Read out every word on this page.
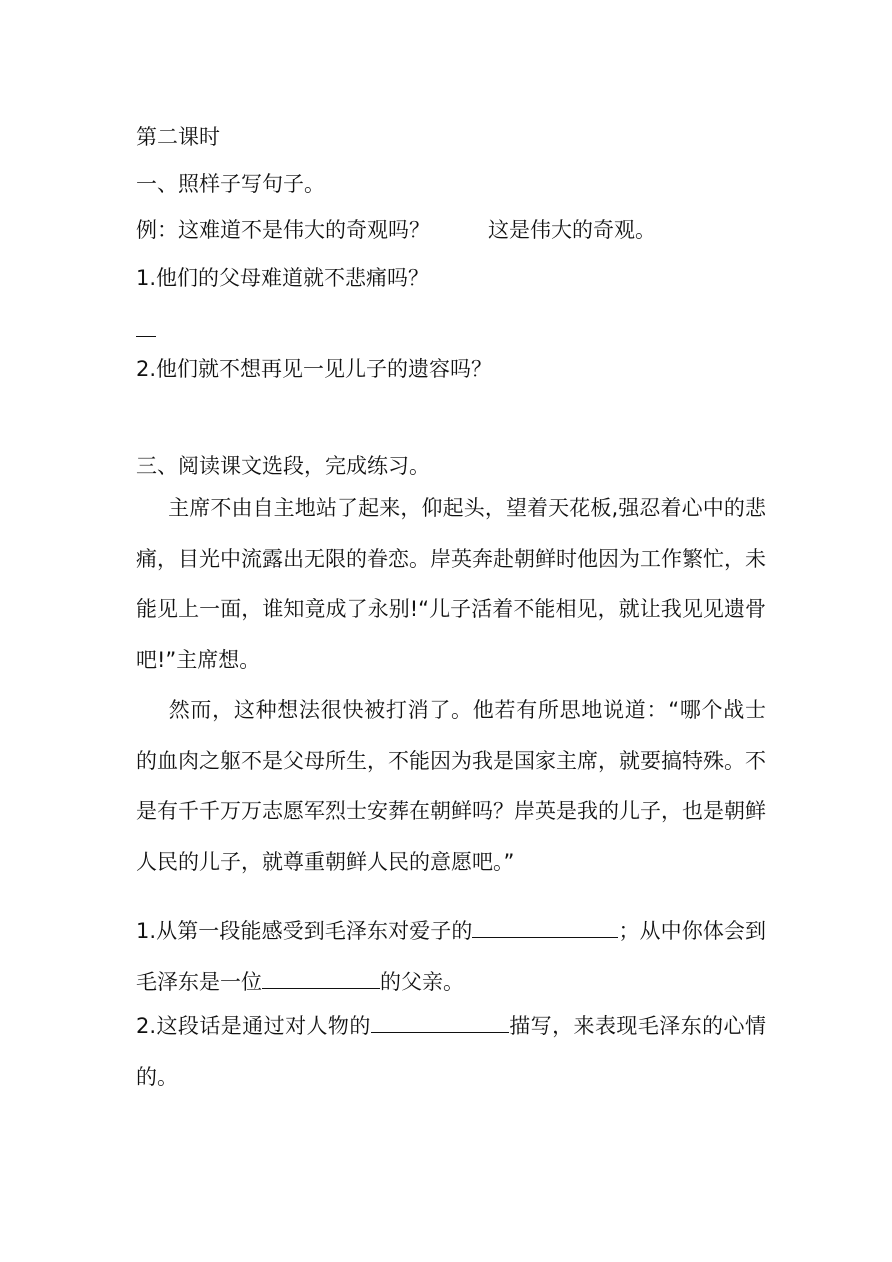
第二课时
一、照样子写句子。
例：这难道不是伟大的奇观吗？	这是伟大的奇观。
1.他们的父母难道就不悲痛吗？
2.他们就不想再见一见儿子的遗容吗？
三、阅读课文选段，完成练习。
主席不由自主地站了起来，仰起头，望着天花板,强忍着心中的悲痛，目光中流露出无限的眷恋。岸英奔赴朝鲜时他因为工作繁忙，未能见上一面，谁知竟成了永别!“儿子活着不能相见，就让我见见遗骨吧!”主席想。
然而，这种想法很快被打消了。他若有所思地说道：“哪个战士的血肉之躯不是父母所生，不能因为我是国家主席，就要搞特殊。不是有千千万万志愿军烈士安葬在朝鲜吗？岸英是我的儿子，也是朝鲜人民的儿子，就尊重朝鲜人民的意愿吧。”
1.从第一段能感受到毛泽东对爱子的	；从中你体会到毛泽东是一位	的父亲。
2.这段话是通过对人物的	描写，来表现毛泽东的心情的。
